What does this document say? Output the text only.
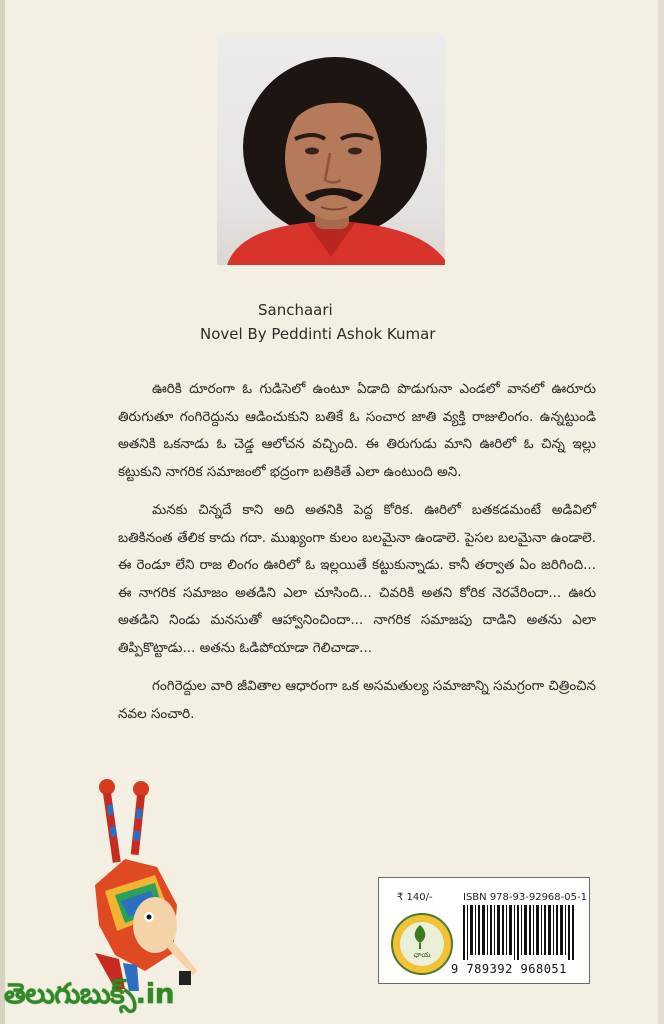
Sanchaari
Novel By Peddinti Ashok Kumar

ఊరికి దూరంగా ఓ గుడిసెలో ఉంటూ ఏడాది పొడుగునా ఎండలో వానలో ఊరూరు తిరుగుతూ గంగిరెద్దును ఆడించుకుని బతికే ఓ సంచార జాతి వ్యక్తి రాజులింగం. ఉన్నట్టుండి అతనికి ఒకనాడు ఓ చెడ్డ ఆలోచన వచ్చింది. ఈ తిరుగుడు మాని ఊరిలో ఓ చిన్న ఇల్లు కట్టుకుని నాగరిక సమాజంలో భద్రంగా బతికితే ఎలా ఉంటుంది అని.

మనకు చిన్నదే కాని అది అతనికి పెద్ద కోరిక. ఊరిలో బతకడమంటే అడివిలో బతికినంత తేలిక కాదు గదా. ముఖ్యంగా కులం బలమైనా ఉండాలె. పైసల బలమైనా ఉండాలె. ఈ రెండూ లేని రాజ లింగం ఊరిలో ఓ ఇల్లయితే కట్టుకున్నాడు. కానీ తర్వాత ఏం జరిగింది... ఈ నాగరిక సమాజం అతడిని ఎలా చూసింది... చివరికి అతని కోరిక నెరవేరిందా... ఊరు అతడిని నిండు మనసుతో ఆహ్వానించిందా... నాగరిక సమాజపు దాడిని అతను ఎలా తిప్పికొట్టాడు... అతను ఓడిపోయాడా గెలిచాడా...

గంగిరెద్దుల వారి జీవితాల ఆధారంగా ఒక అసమతుల్య సమాజాన్ని సమగ్రంగా చిత్రించిన నవల సంచారి.

₹ 140/-	ISBN 978-93-92968-05-1
ఛాయ
9 789392 968051
తెలుగుబుక్స్.in
